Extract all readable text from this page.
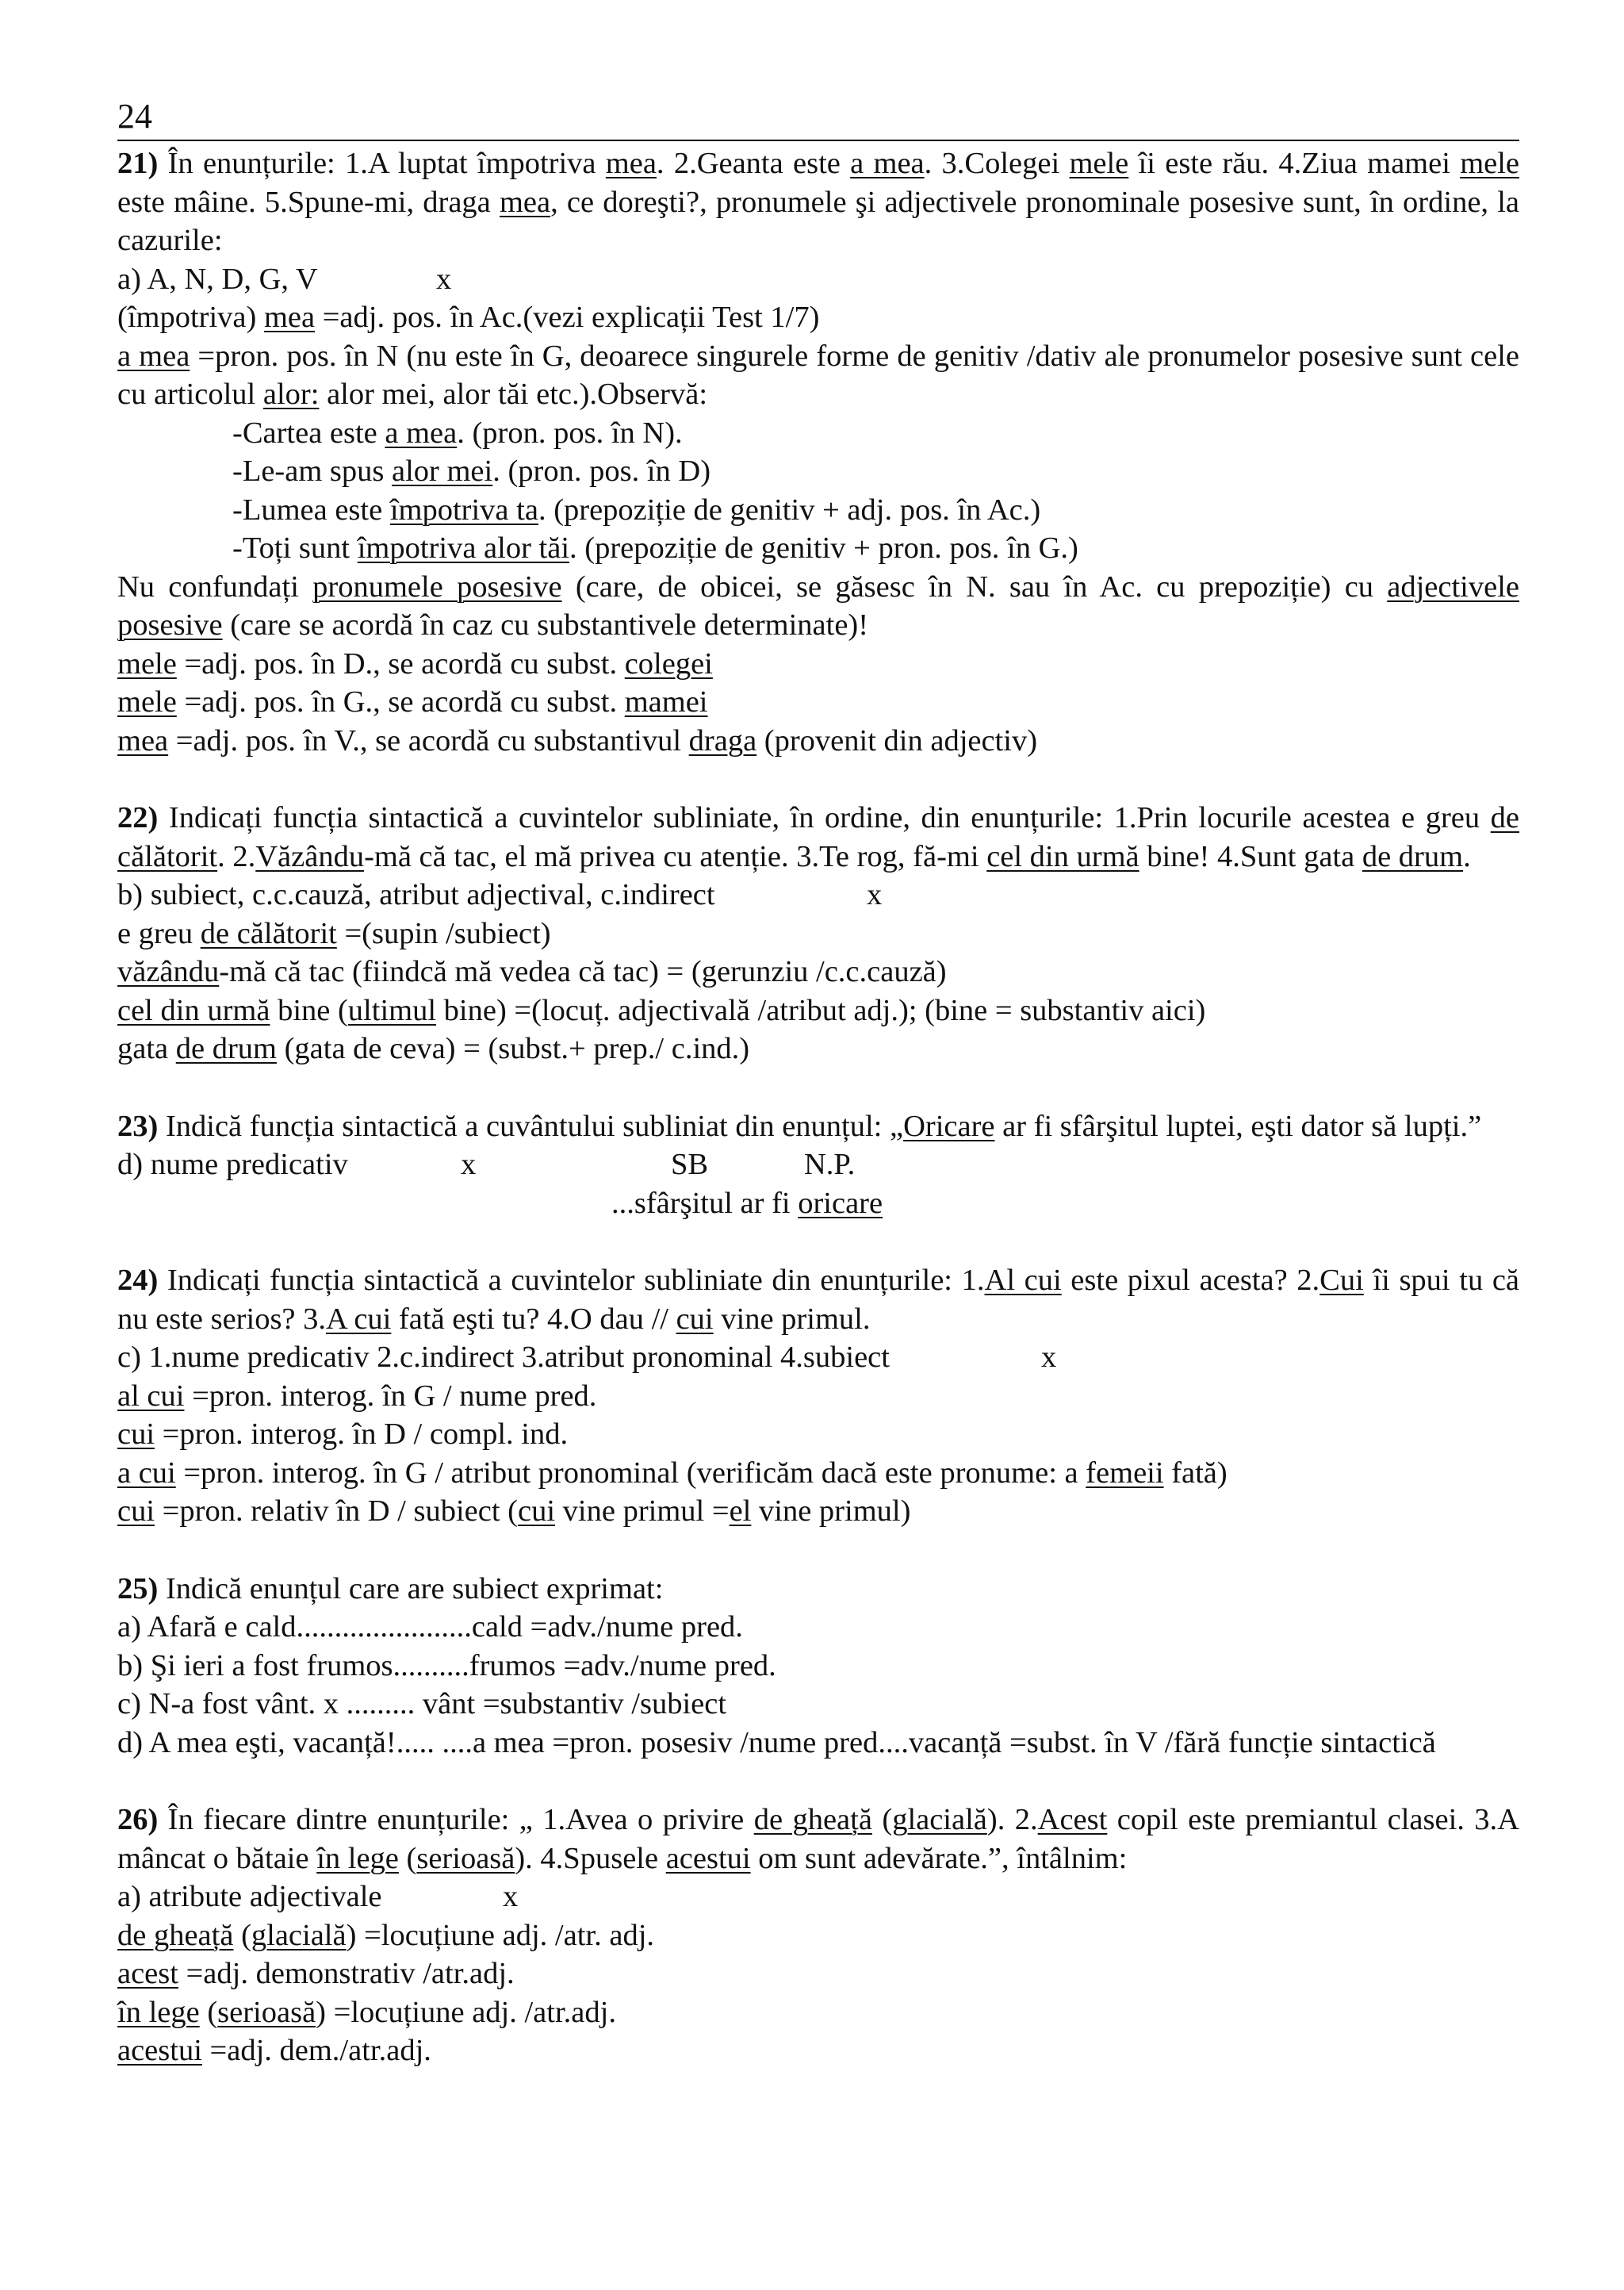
24
21) În enunțurile: 1.A luptat împotriva mea. 2.Geanta este a mea. 3.Colegei mele îi este rău. 4.Ziua mamei mele este mâine. 5.Spune-mi, draga mea, ce doreşti?, pronumele şi adjectivele pronominale posesive sunt, în ordine, la cazurile:
a) A, N, D, G, V	x
(împotriva) mea =adj. pos. în Ac.(vezi explicații Test 1/7)
a mea =pron. pos. în N (nu este în G, deoarece singurele forme de genitiv /dativ ale pronumelor posesive sunt cele cu articolul alor: alor mei, alor tăi etc.).Observă:
-Cartea este a mea. (pron. pos. în N).
-Le-am spus alor mei. (pron. pos. în D)
-Lumea este împotriva ta. (prepoziție de genitiv + adj. pos. în Ac.)
-Toți sunt împotriva alor tăi. (prepoziție de genitiv + pron. pos. în G.)
Nu confundați pronumele posesive (care, de obicei, se găsesc în N. sau în Ac. cu prepoziție) cu adjectivele posesive (care se acordă în caz cu substantivele determinate)!
mele =adj. pos. în D., se acordă cu subst. colegei
mele =adj. pos. în G., se acordă cu subst. mamei
mea =adj. pos. în V., se acordă cu substantivul draga (provenit din adjectiv)
22) Indicați funcția sintactică a cuvintelor subliniate, în ordine, din enunțurile: 1.Prin locurile acestea e greu de călătorit. 2.Văzându-mă că tac, el mă privea cu atenție. 3.Te rog, fă-mi cel din urmă bine! 4.Sunt gata de drum.
b) subiect, c.c.cauză, atribut adjectival, c.indirect	x
e greu de călătorit =(supin /subiect)
văzându-mă că tac (fiindcă mă vedea că tac) = (gerunziu /c.c.cauză)
cel din urmă bine (ultimul bine) =(locuț. adjectivală /atribut adj.); (bine = substantiv aici)
gata de drum (gata de ceva) = (subst.+ prep./ c.ind.)
23) Indică funcția sintactică a cuvântului subliniat din enunțul: „Oricare ar fi sfârşitul luptei, eşti dator să lupți.”
d) nume predicativ	x	SB	N.P.
...sfârşitul ar fi oricare
24) Indicați funcția sintactică a cuvintelor subliniate din enunțurile: 1.Al cui este pixul acesta? 2.Cui îi spui tu că nu este serios? 3.A cui fată eşti tu? 4.O dau // cui vine primul.
c) 1.nume predicativ 2.c.indirect 3.atribut pronominal 4.subiect	x
al cui =pron. interog. în G / nume pred.
cui =pron. interog. în D / compl. ind.
a cui =pron. interog. în G / atribut pronominal (verificăm dacă este pronume: a femeii fată)
cui =pron. relativ în D / subiect (cui vine primul =el vine primul)
25) Indică enunțul care are subiect exprimat:
a) Afară e cald.......................cald =adv./nume pred.
b) Şi ieri a fost frumos..........frumos =adv./nume pred.
c) N-a fost vânt. x ......... vânt =substantiv /subiect
d) A mea eşti, vacanță!..... ....a mea =pron. posesiv /nume pred....vacanță =subst. în V /fără funcție sintactică
26) În fiecare dintre enunțurile: „ 1.Avea o privire de gheață (glacială). 2.Acest copil este premiantul clasei. 3.A mâncat o bătaie în lege (serioasă). 4.Spusele acestui om sunt adevărate.”, întâlnim:
a) atribute adjectivale	x
de gheață (glacială) =locuțiune adj. /atr. adj.
acest =adj. demonstrativ /atr.adj.
în lege (serioasă) =locuțiune adj. /atr.adj.
acestui =adj. dem./atr.adj.
